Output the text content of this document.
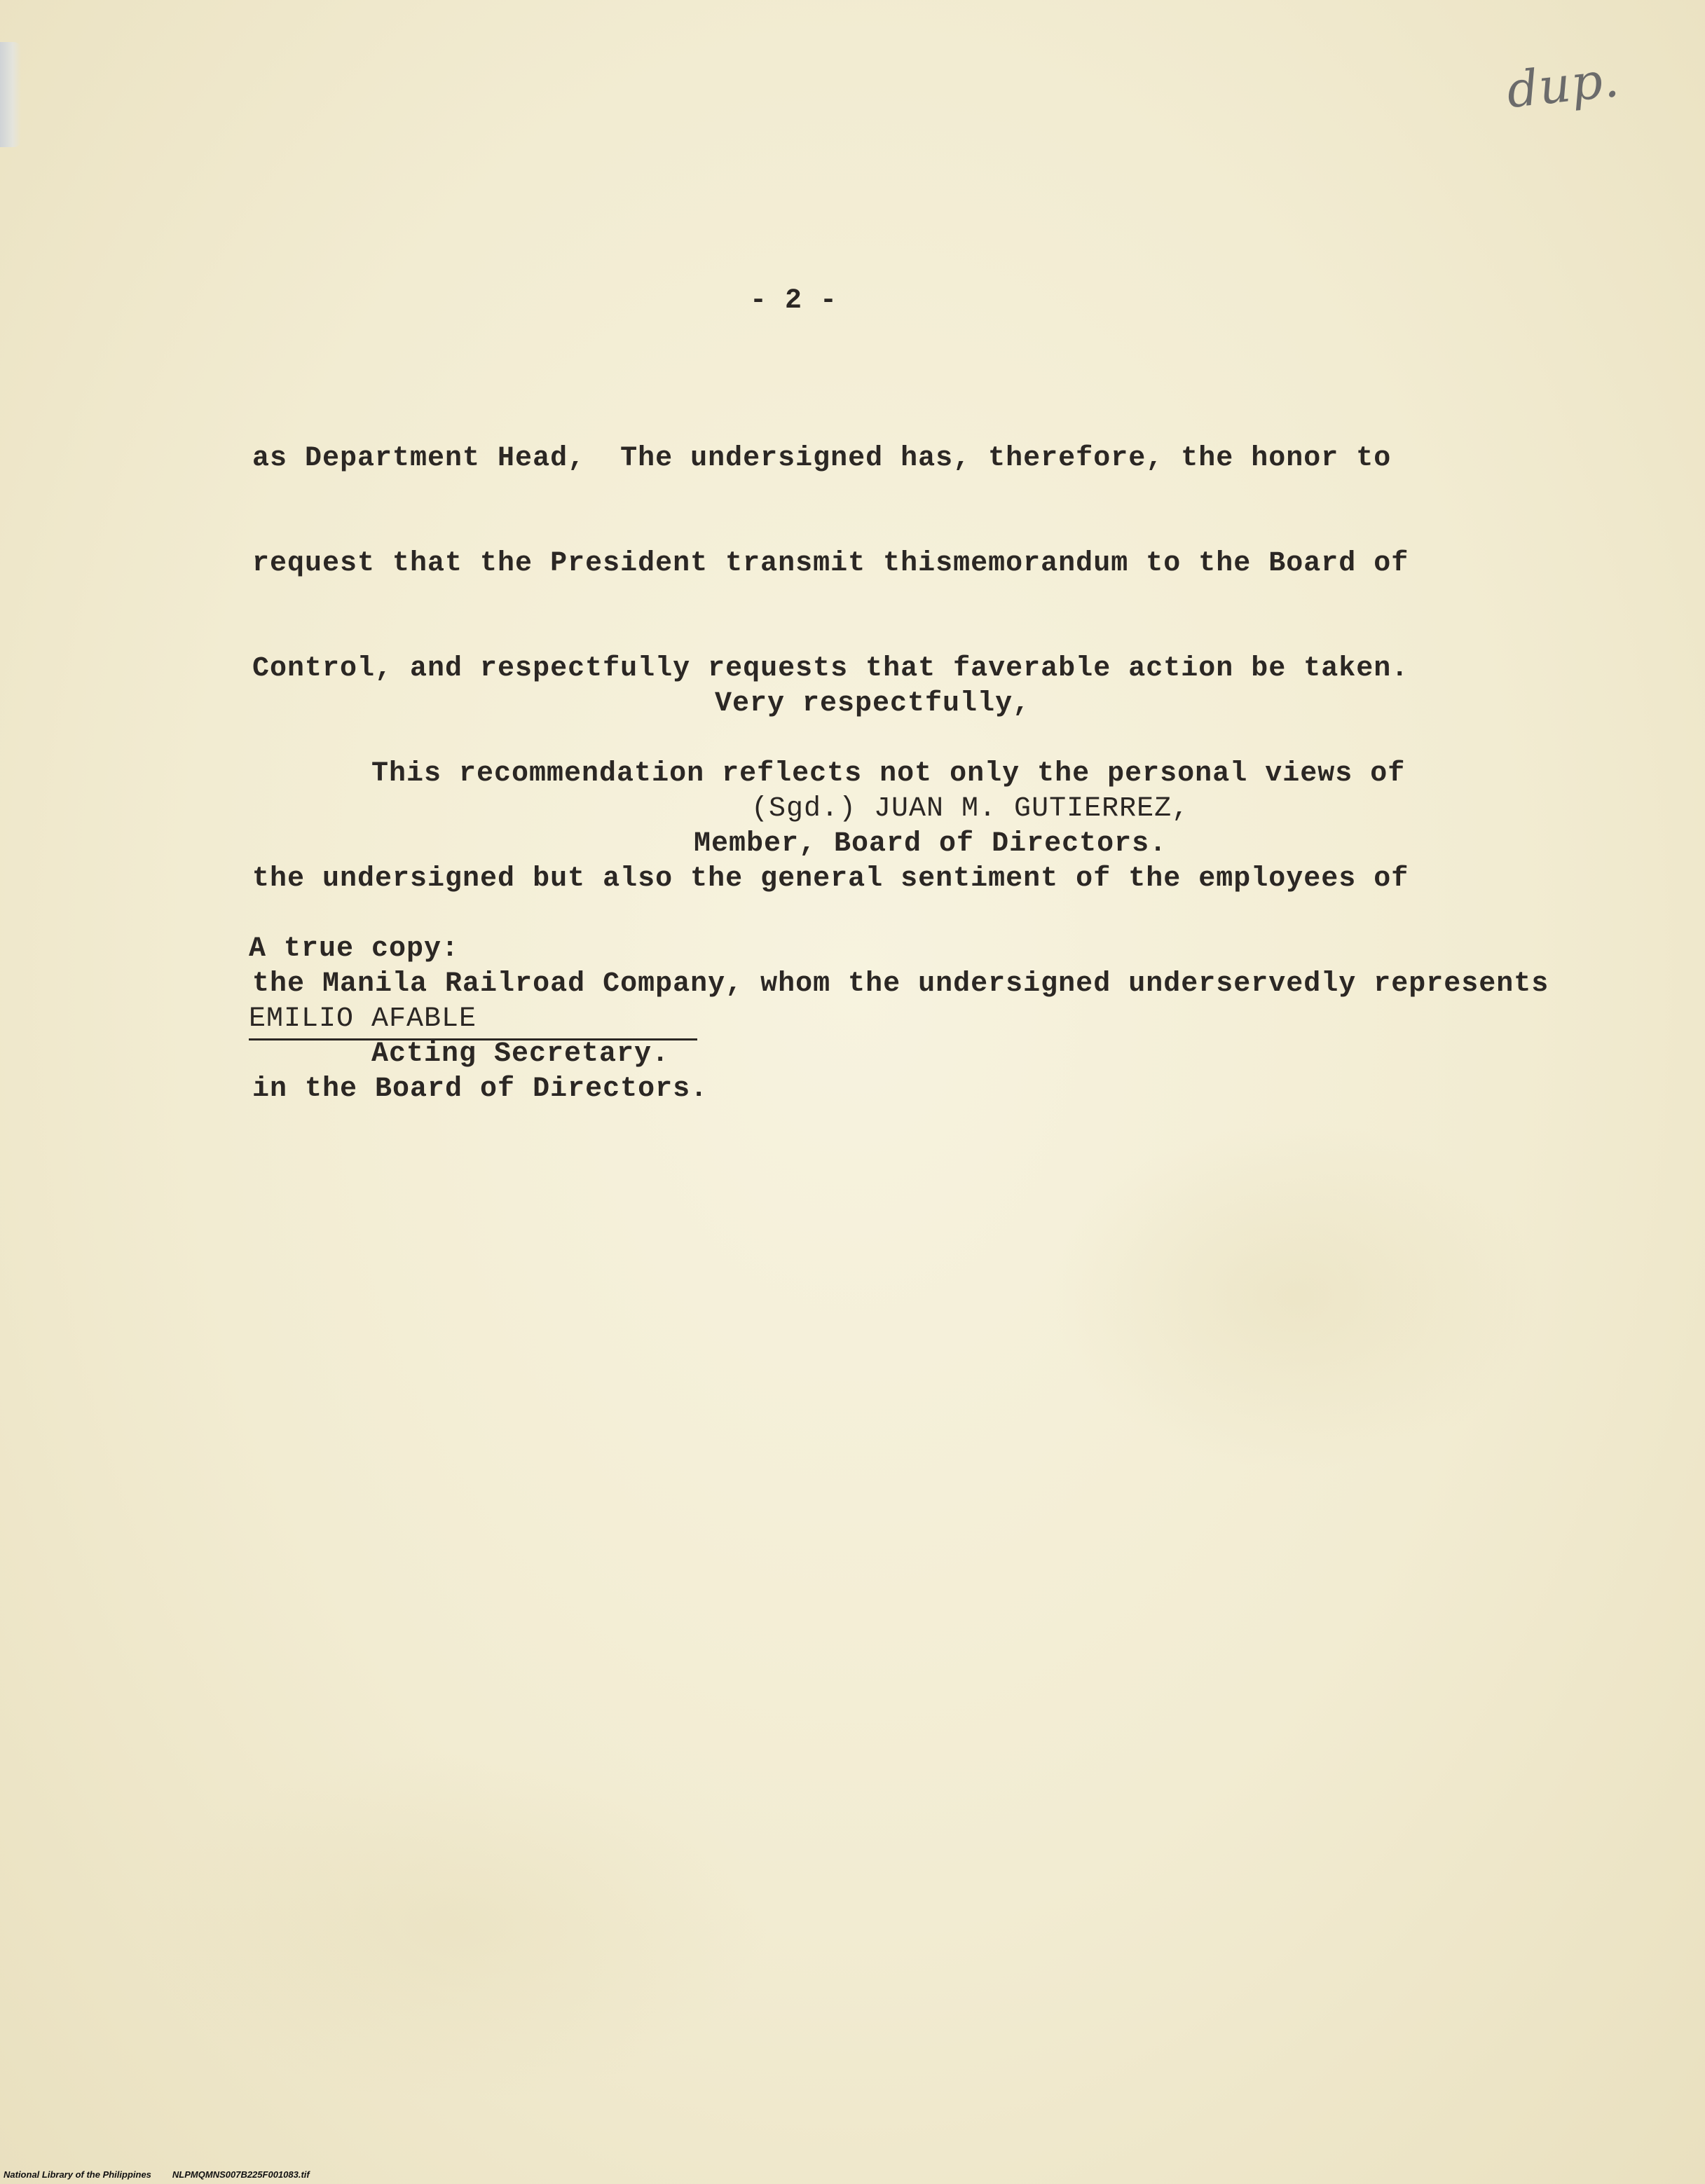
dup.
- 2 -

as Department Head,  The undersigned has, therefore, the honor to

request that the President transmit thismemorandum to the Board of

Control, and respectfully requests that faverable action be taken.

This recommendation reflects not only the personal views of

the undersigned but also the general sentiment of the employees of

the Manila Railroad Company, whom the undersigned underservedly represents

in the Board of Directors.

Very respectfully,
(Sgd.) JUAN M. GUTIERREZ,
Member, Board of Directors.
A true copy:
EMILIO AFABLE
Acting Secretary.
National Library of the Philippines NLPMQMNS007B225F001083.tif
